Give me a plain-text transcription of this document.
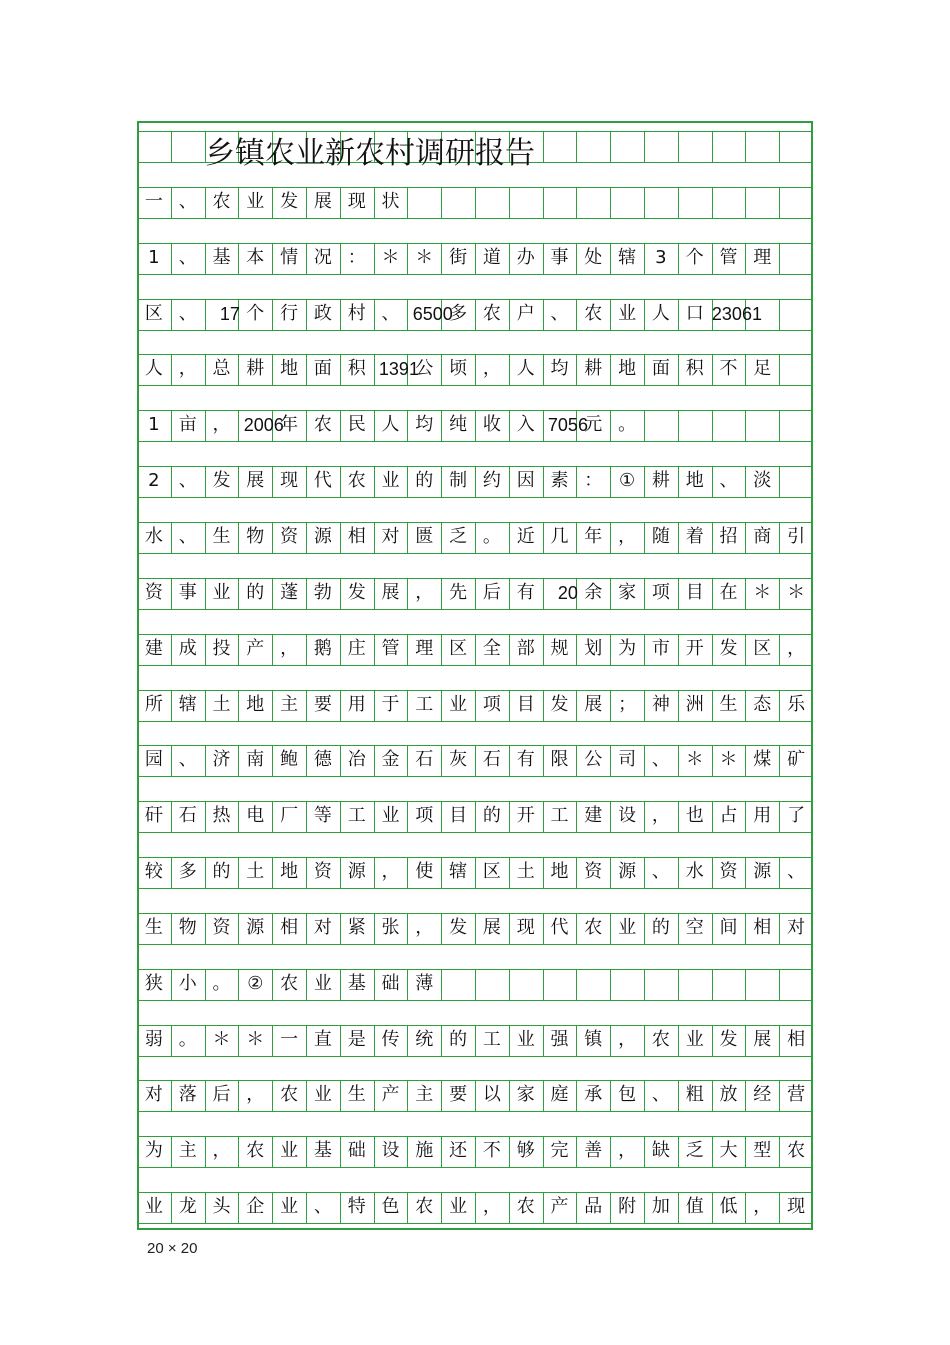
乡镇农业新农村调研报告
一 、 农 业 发 展 现 状
1	、 基 本 情 况 ： ＊ ＊ 街 道 办 事 处 辖	3	个 管 理
区 、	17 个 行 政 村 、 6500
多 农 户 、 农 业 人 口 23061
人 ， 总 耕 地 面 积 1391
公 顷 ， 人 均 耕 地 面 积 不 足
1	亩 ， 2006
年 农 民 人 均 纯 收 入 7056
元 。
2	、 发 展 现 代 农 业 的 制 约 因 素 ： ① 耕 地 、 淡
水 、 生 物 资 源 相 对 匮 乏 。 近 几 年 ， 随 着 招 商 引
资 事 业 的 蓬 勃 发 展 ， 先 后 有	20 余 家 项 目 在 ＊ ＊
建 成 投 产 ， 鹅 庄 管 理 区 全 部 规 划 为 市 开 发 区 ，
所 辖 土 地 主 要 用 于 工 业 项 目 发 展 ； 神 洲 生 态 乐
园 、 济 南 鲍 德 冶 金 石 灰 石 有 限 公 司 、 ＊ ＊ 煤 矿
矸 石 热 电 厂 等 工 业 项 目 的 开 工 建 设 ， 也 占 用 了
较 多 的 土 地 资 源 ， 使 辖 区 土 地 资 源 、 水 资 源 、
生 物 资 源 相 对 紧 张 ， 发 展 现 代 农 业 的 空 间 相 对
狭 小 。 ② 农 业 基 础 薄
弱 。 ＊ ＊ 一 直 是 传 统 的 工 业 强 镇 ， 农 业 发 展 相
对 落 后 ， 农 业 生 产 主 要 以 家 庭 承 包 、 粗 放 经 营
为 主 ， 农 业 基 础 设 施 还 不 够 完 善 ， 缺 乏 大 型 农
业 龙 头 企 业 、 特 色 农 业 ， 农 产 品 附 加 值 低 ， 现
20 × 20
